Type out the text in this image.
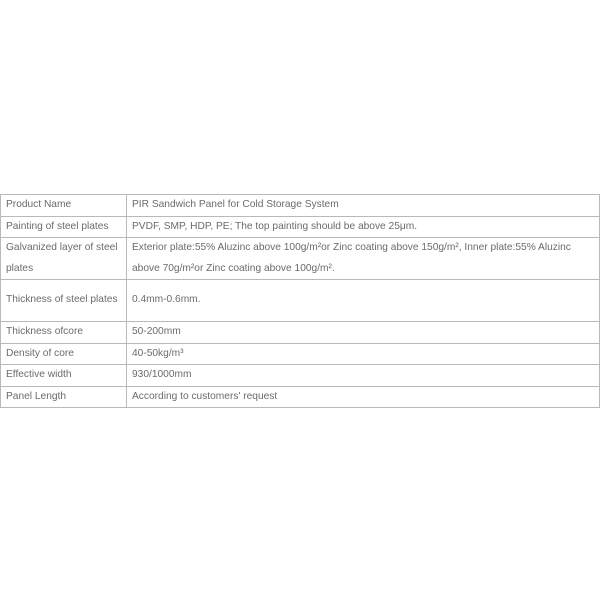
Product Name	PIR Sandwich Panel for Cold Storage System
Painting of steel plates	PVDF, SMP, HDP, PE; The top painting should be above 25μm.
Galvanized layer of steel plates	Exterior plate:55% Aluzinc above 100g/m²or Zinc coating above 150g/m², Inner plate:55% Aluzinc above 70g/m²or Zinc coating above 100g/m².
Thickness of steel plates	0.4mm-0.6mm.
Thickness ofcore	50-200mm
Density of core	40-50kg/m³
Effective width	930/1000mm
Panel Length	According to customers' request
